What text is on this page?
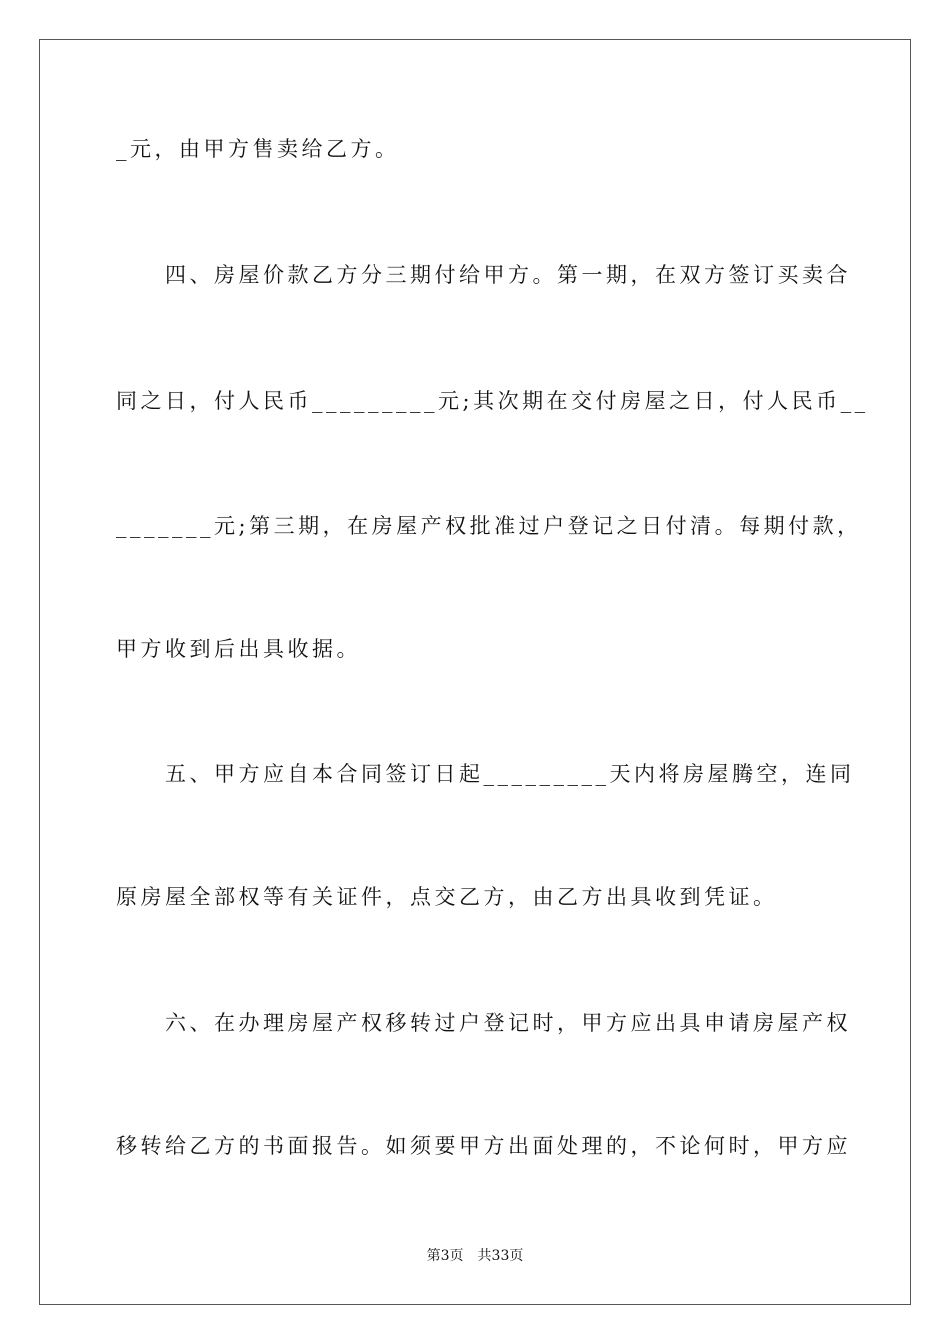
_元，由甲方售卖给乙方。
四、房屋价款乙方分三期付给甲方。第一期，在双方签订买卖合
同之日，付人民币_________元;其次期在交付房屋之日，付人民币__
_______元;第三期，在房屋产权批准过户登记之日付清。每期付款，
甲方收到后出具收据。
五、甲方应自本合同签订日起_________天内将房屋腾空，连同
原房屋全部权等有关证件，点交乙方，由乙方出具收到凭证。
六、在办理房屋产权移转过户登记时，甲方应出具申请房屋产权
移转给乙方的书面报告。如须要甲方出面处理的，不论何时，甲方应
第3页 共33页
